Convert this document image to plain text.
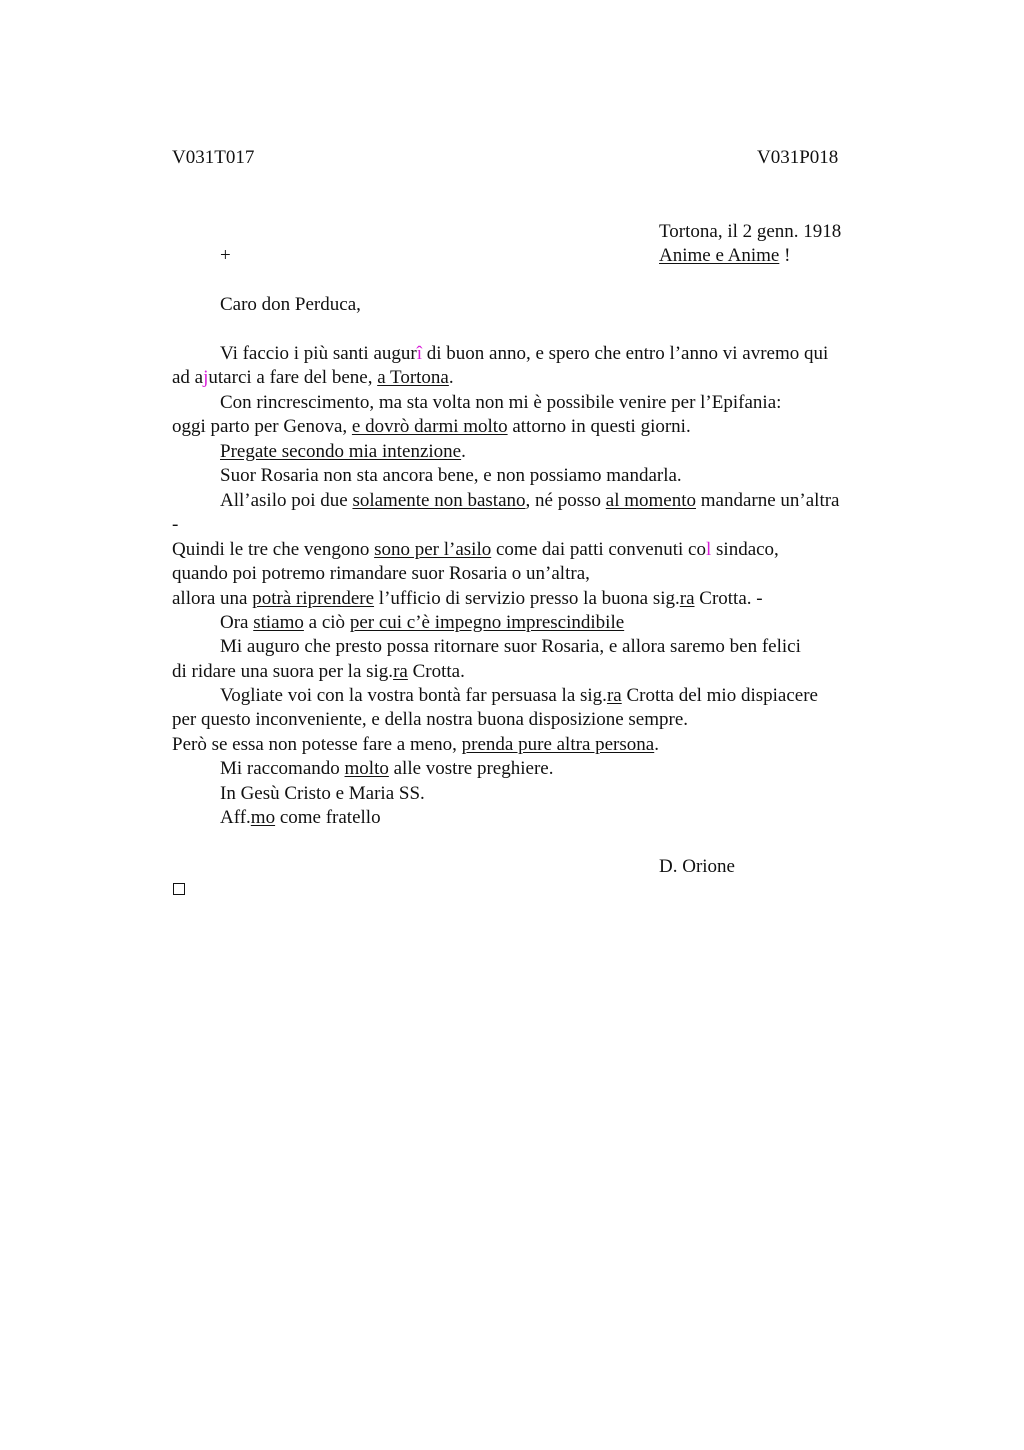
V031T017	V031P018
Tortona, il 2 genn. 1918
+	Anime e Anime !
Caro don Perduca,
Vi faccio i più santi augurî di buon anno, e spero che entro l’anno vi avremo qui
ad ajutarci a fare del bene, a Tortona.
Con rincrescimento, ma sta volta non mi è possibile venire per l’Epifania:
oggi parto per Genova, e dovrò darmi molto attorno in questi giorni.
Pregate secondo mia intenzione.
Suor Rosaria non sta ancora bene, e non possiamo mandarla.
All’asilo poi due solamente non bastano, né posso al momento mandarne un’altra
-
Quindi le tre che vengono sono per l’asilo come dai patti convenuti col sindaco,
quando poi potremo rimandare suor Rosaria o un’altra,
allora una potrà riprendere l’ufficio di servizio presso la buona sig.ra Crotta. -
Ora stiamo a ciò per cui c’è impegno imprescindibile
Mi auguro che presto possa ritornare suor Rosaria, e allora saremo ben felici
di ridare una suora per la sig.ra Crotta.
Vogliate voi con la vostra bontà far persuasa la sig.ra Crotta del mio dispiacere
per questo inconveniente, e della nostra buona disposizione sempre.
Però se essa non potesse fare a meno, prenda pure altra persona.
Mi raccomando molto alle vostre preghiere.
In Gesù Cristo e Maria SS.
Aff.mo come fratello
D. Orione
